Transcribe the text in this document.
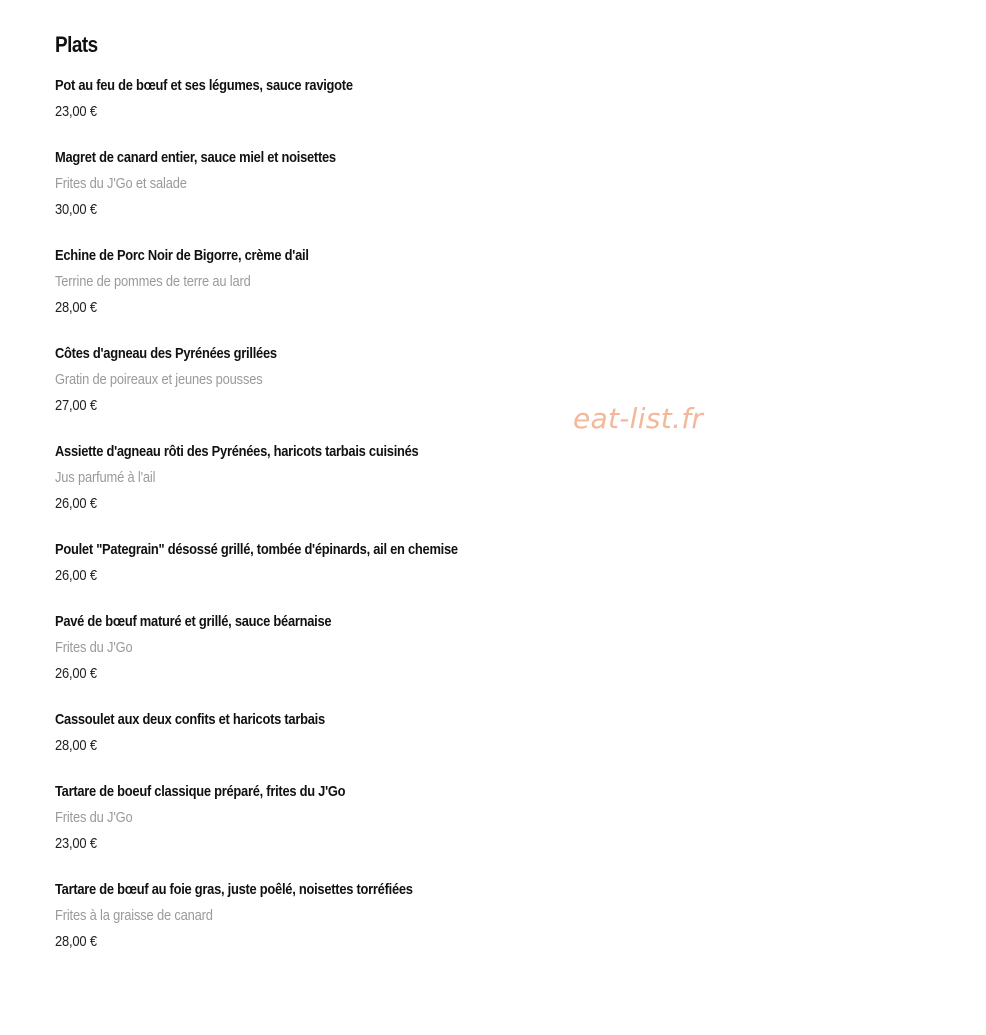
Plats
Pot au feu de bœuf et ses légumes, sauce ravigote
23,00 €
Magret de canard entier, sauce miel et noisettes
Frites du J'Go et salade
30,00 €
Echine de Porc Noir de Bigorre, crème d'ail
Terrine de pommes de terre au lard
28,00 €
Côtes d'agneau des Pyrénées grillées
Gratin de poireaux et jeunes pousses
27,00 €
Assiette d'agneau rôti des Pyrénées, haricots tarbais cuisinés
Jus parfumé à l'ail
26,00 €
Poulet "Pategrain" désossé grillé, tombée d'épinards, ail en chemise
26,00 €
Pavé de bœuf maturé et grillé, sauce béarnaise
Frites du J'Go
26,00 €
Cassoulet aux deux confits et haricots tarbais
28,00 €
Tartare de boeuf classique préparé, frites du J'Go
Frites du J'Go
23,00 €
Tartare de bœuf au foie gras, juste poêlé, noisettes torréfiées
Frites à la graisse de canard
28,00 €
eat-list.fr
